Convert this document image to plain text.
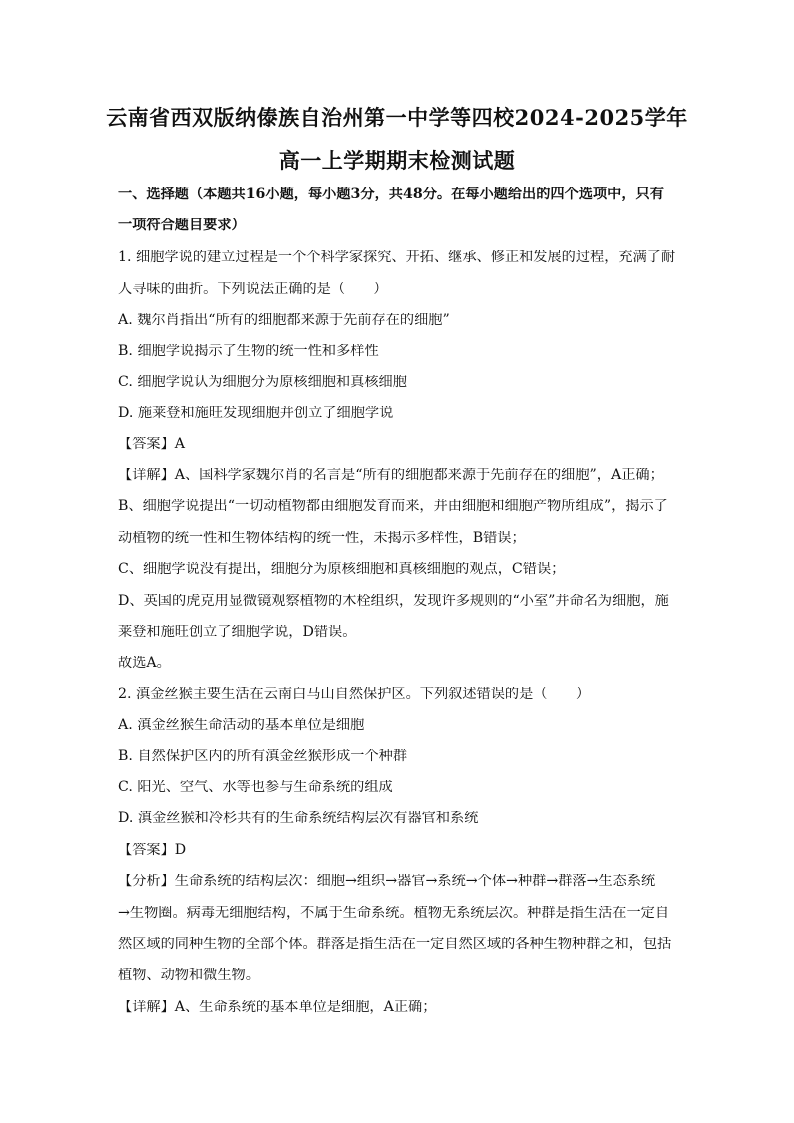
云南省西双版纳傣族自治州第一中学等四校2024-2025学年
高一上学期期末检测试题
一、选择题（本题共16小题，每小题3分，共48分。在每小题给出的四个选项中，只有
一项符合题目要求）
1. 细胞学说的建立过程是一个个科学家探究、开拓、继承、修正和发展的过程，充满了耐
人寻味的曲折。下列说法正确的是（　　）
A. 魏尔肖指出“所有的细胞都来源于先前存在的细胞”
B. 细胞学说揭示了生物的统一性和多样性
C. 细胞学说认为细胞分为原核细胞和真核细胞
D. 施莱登和施旺发现细胞并创立了细胞学说
【答案】A
【详解】A、国科学家魏尔肖的名言是“所有的细胞都来源于先前存在的细胞”，A正确；
B、细胞学说提出“一切动植物都由细胞发育而来，并由细胞和细胞产物所组成”，揭示了
动植物的统一性和生物体结构的统一性，未揭示多样性，B错误；
C、细胞学说没有提出，细胞分为原核细胞和真核细胞的观点，C错误；
D、英国的虎克用显微镜观察植物的木栓组织，发现许多规则的“小室”并命名为细胞，施
莱登和施旺创立了细胞学说，D错误。
故选A。
2. 滇金丝猴主要生活在云南白马山自然保护区。下列叙述错误的是（　　）
A. 滇金丝猴生命活动的基本单位是细胞
B. 自然保护区内的所有滇金丝猴形成一个种群
C. 阳光、空气、水等也参与生命系统的组成
D. 滇金丝猴和冷杉共有的生命系统结构层次有器官和系统
【答案】D
【分析】生命系统的结构层次：细胞→组织→器官→系统→个体→种群→群落→生态系统
→生物圈。病毒无细胞结构，不属于生命系统。植物无系统层次。种群是指生活在一定自
然区域的同种生物的全部个体。群落是指生活在一定自然区域的各种生物种群之和，包括
植物、动物和微生物。
【详解】A、生命系统的基本单位是细胞，A正确；
